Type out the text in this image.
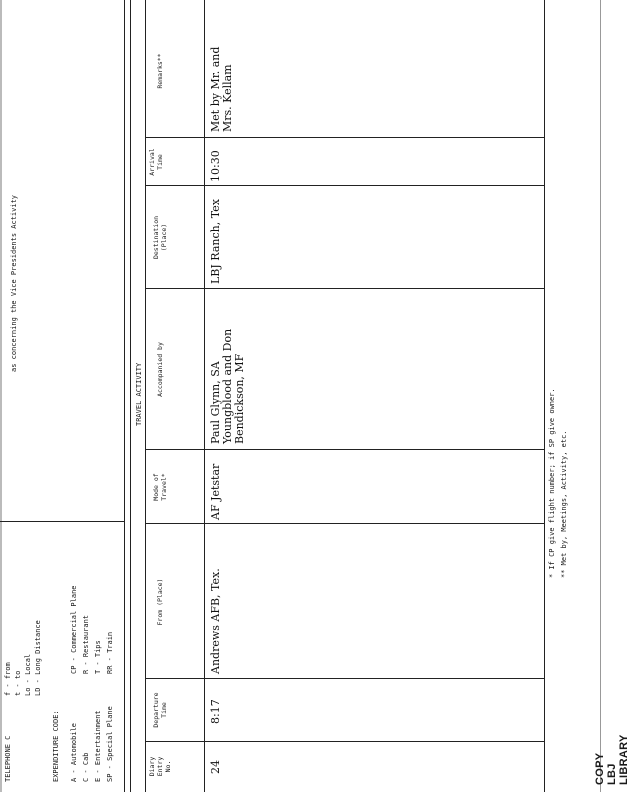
TELEPHONE C
f - from t - to Lo - Local LD - Long Distance
EXPENDITURE CODE: A - Automobile C - Cab E - Entertainment SP - Special Plane
CP - Commercial Plane R - Restaurant T - Tips RR - Train
as concerning the Vice Presidents Activity
TRAVEL ACTIVITY
Diary Entry No.
Departure Time
From (Place)
Mode of Travel*
Accompanied by
Destination (Place)
Arrival Time
Remarks**
24
8:17
Andrews AFB, Tex.
AF Jetstar
Paul Glynn, SA Youngblood and Don Bendickson, MF
LBJ Ranch, Tex
10:30
Met by Mr. and Mrs. Kellam
* If CP give flight number; if SP give owner. ** Met by, Meetings, Activity, etc.
COPY LBJ LIBRARY
